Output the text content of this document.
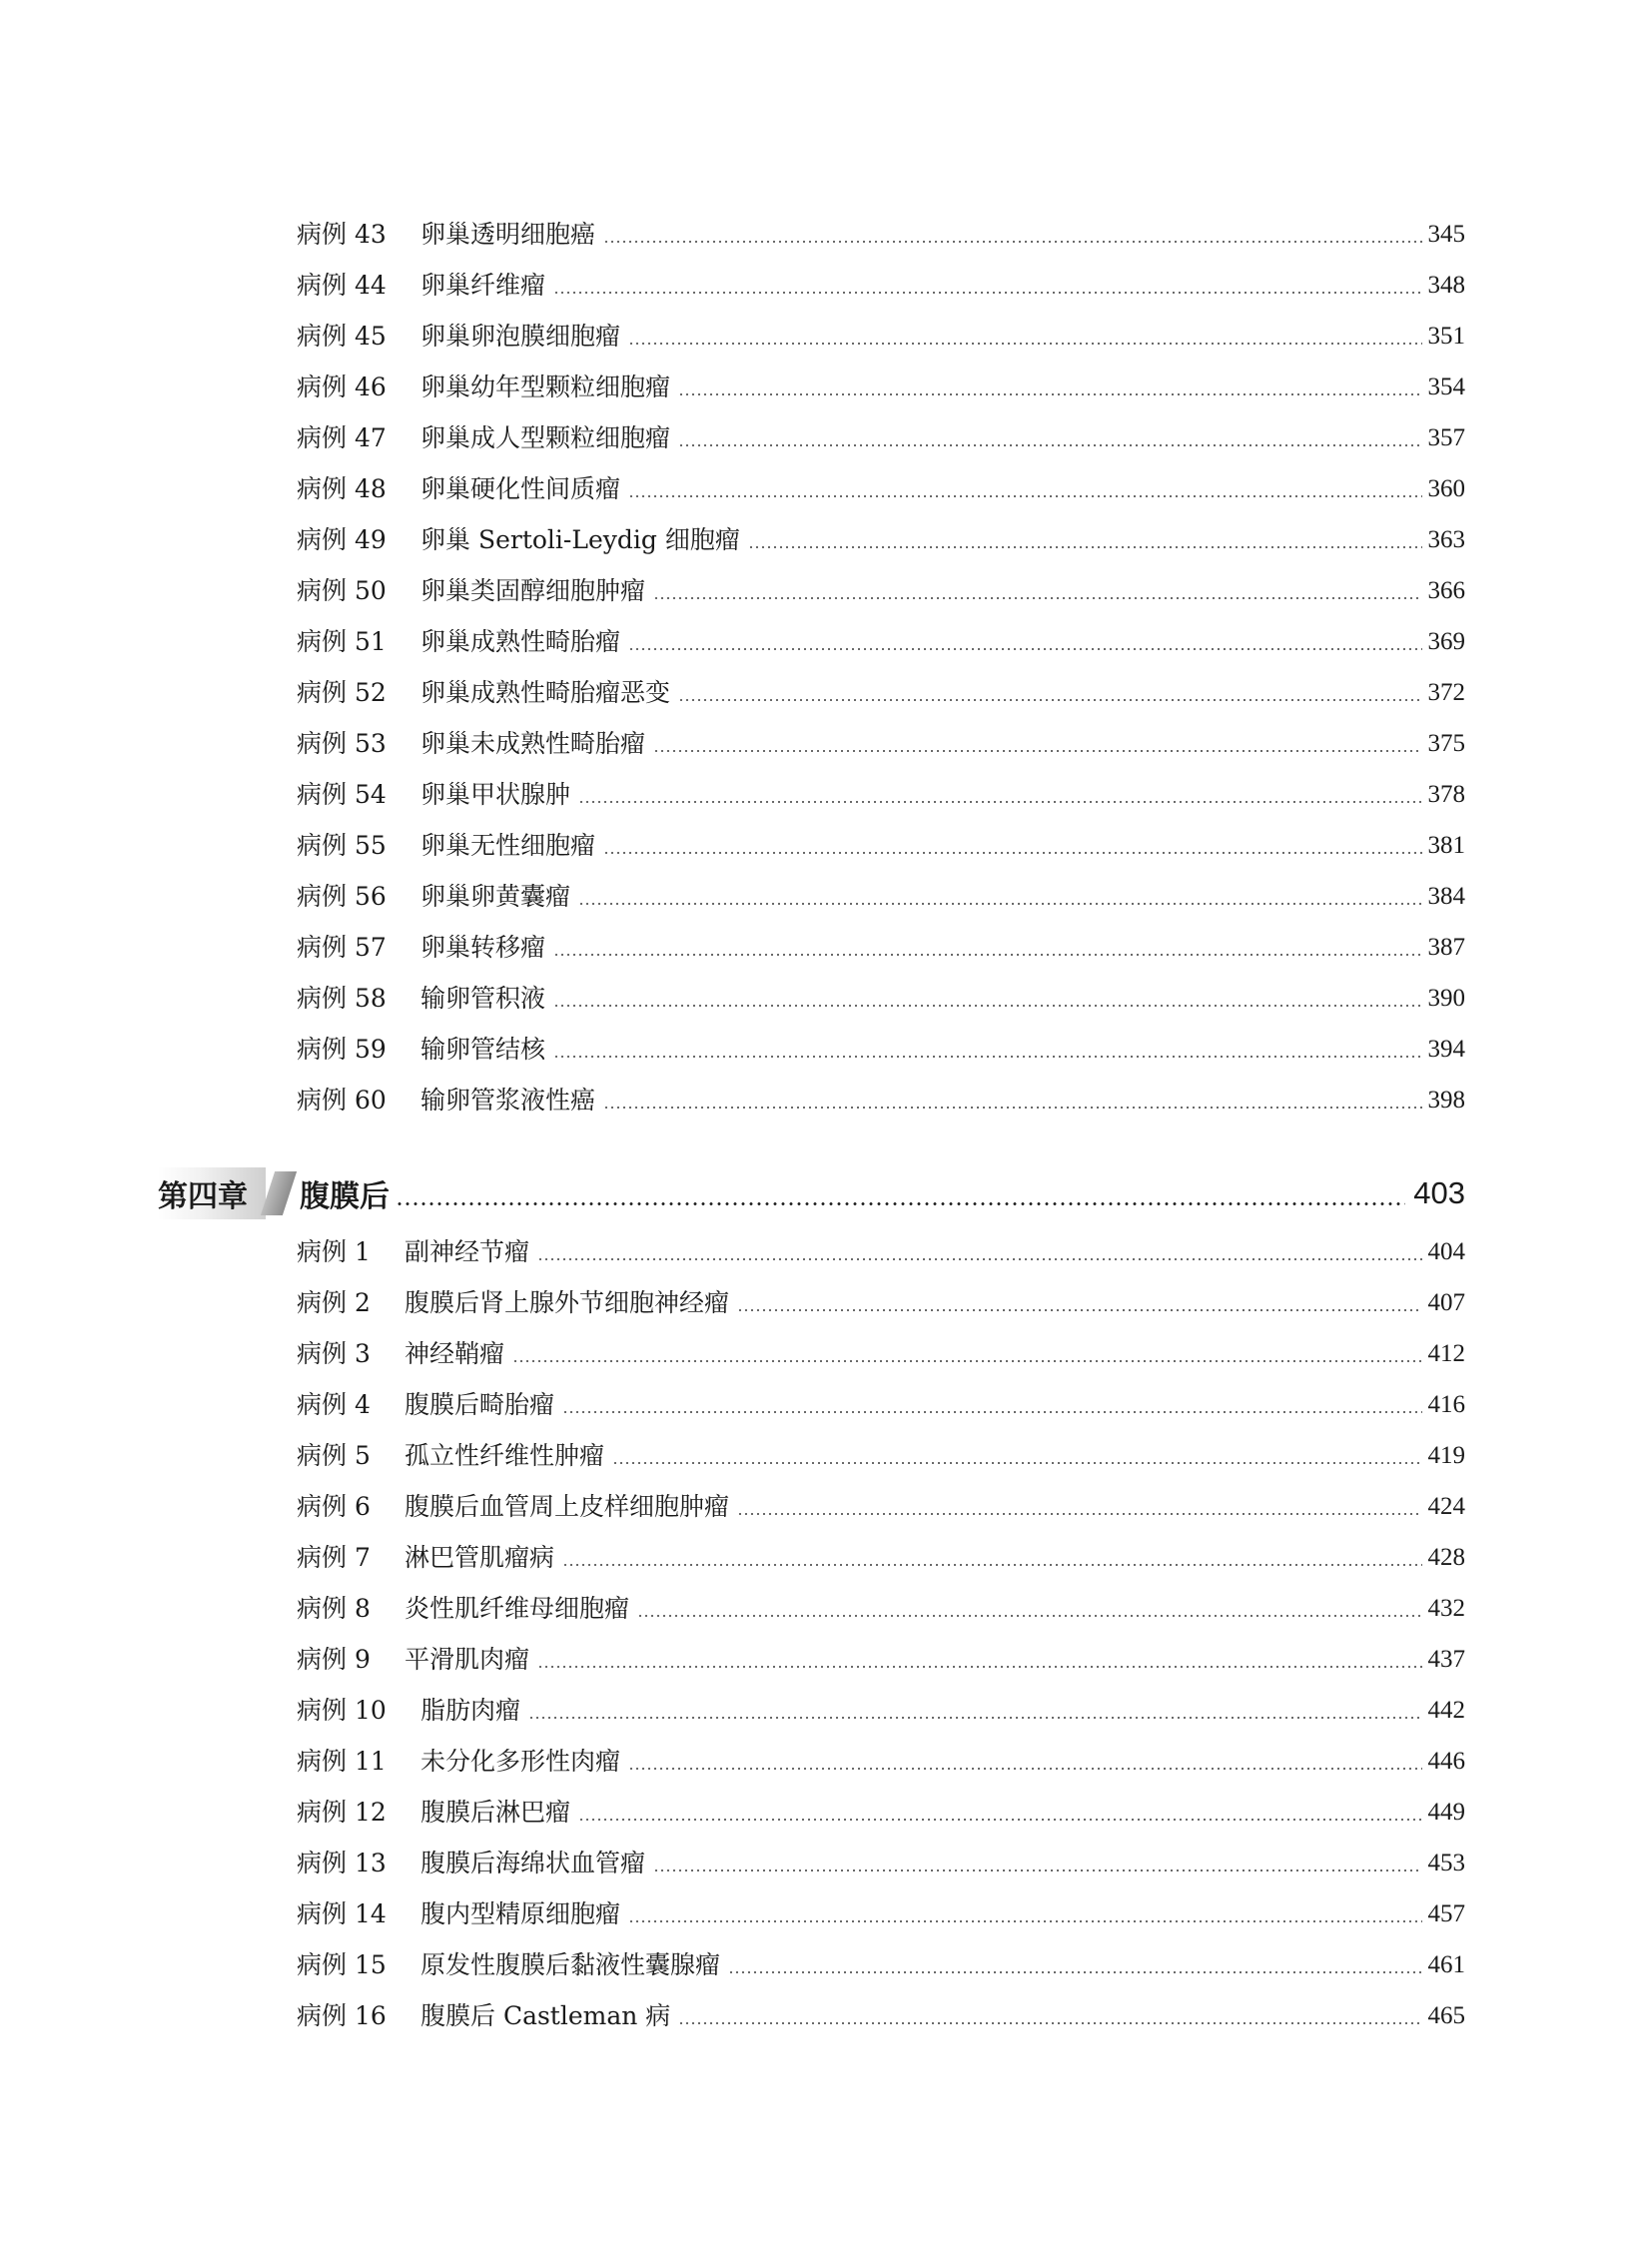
病例 43	卵巢透明细胞癌	345
病例 44	卵巢纤维瘤	348
病例 45	卵巢卵泡膜细胞瘤	351
病例 46	卵巢幼年型颗粒细胞瘤	354
病例 47	卵巢成人型颗粒细胞瘤	357
病例 48	卵巢硬化性间质瘤	360
病例 49	卵巢 Sertoli-Leydig 细胞瘤	363
病例 50	卵巢类固醇细胞肿瘤	366
病例 51	卵巢成熟性畸胎瘤	369
病例 52	卵巢成熟性畸胎瘤恶变	372
病例 53	卵巢未成熟性畸胎瘤	375
病例 54	卵巢甲状腺肿	378
病例 55	卵巢无性细胞瘤	381
病例 56	卵巢卵黄囊瘤	384
病例 57	卵巢转移瘤	387
病例 58	输卵管积液	390
病例 59	输卵管结核	394
病例 60	输卵管浆液性癌	398
第四章	腹膜后	403
病例 1	副神经节瘤	404
病例 2	腹膜后肾上腺外节细胞神经瘤	407
病例 3	神经鞘瘤	412
病例 4	腹膜后畸胎瘤	416
病例 5	孤立性纤维性肿瘤	419
病例 6	腹膜后血管周上皮样细胞肿瘤	424
病例 7	淋巴管肌瘤病	428
病例 8	炎性肌纤维母细胞瘤	432
病例 9	平滑肌肉瘤	437
病例 10	脂肪肉瘤	442
病例 11	未分化多形性肉瘤	446
病例 12	腹膜后淋巴瘤	449
病例 13	腹膜后海绵状血管瘤	453
病例 14	腹内型精原细胞瘤	457
病例 15	原发性腹膜后黏液性囊腺瘤	461
病例 16	腹膜后 Castleman 病	465
